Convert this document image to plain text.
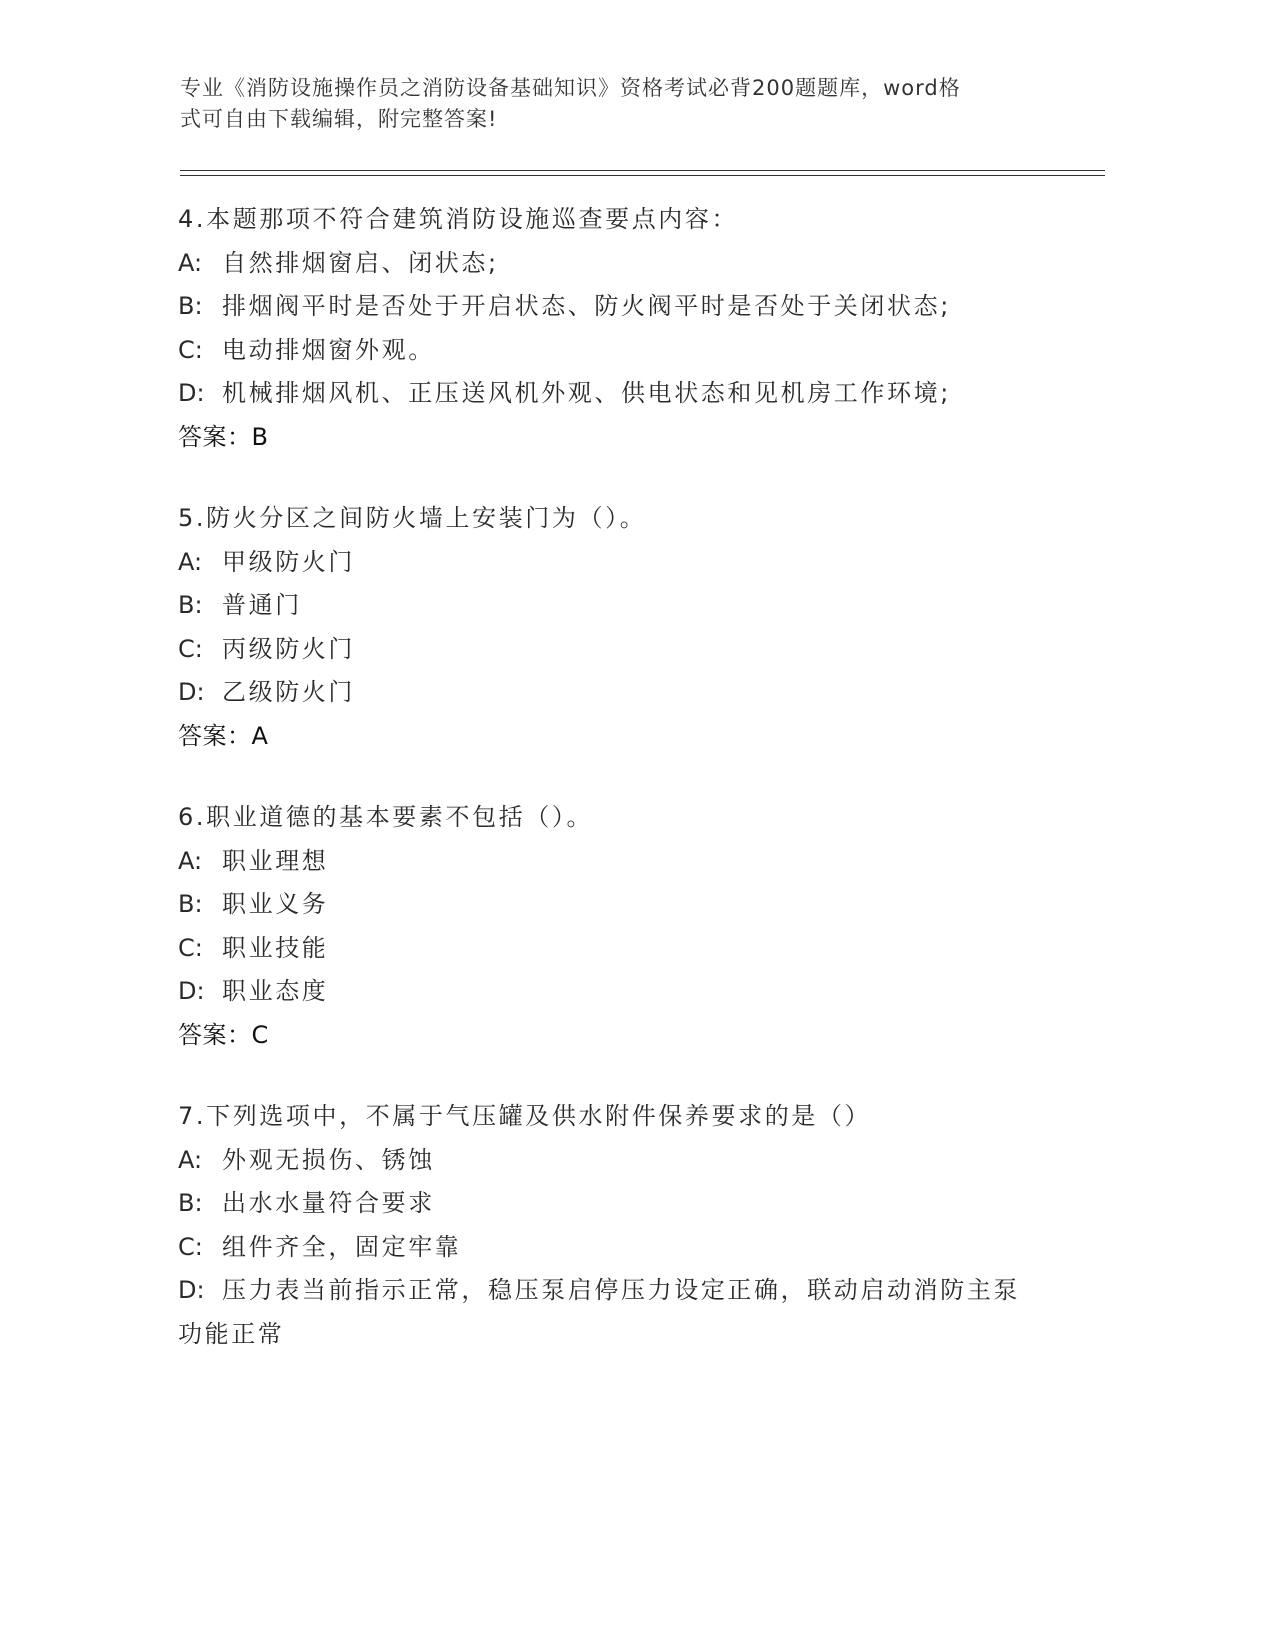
专业《消防设施操作员之消防设备基础知识》资格考试必背200题题库，word格
式可自由下载编辑，附完整答案!
4.本题那项不符合建筑消防设施巡查要点内容：
A: 自然排烟窗启、闭状态;
B: 排烟阀平时是否处于开启状态、防火阀平时是否处于关闭状态;
C: 电动排烟窗外观。
D: 机械排烟风机、正压送风机外观、供电状态和见机房工作环境;
答案：B
5.防火分区之间防火墙上安装门为（）。
A: 甲级防火门
B: 普通门
C: 丙级防火门
D: 乙级防火门
答案：A
6.职业道德的基本要素不包括（）。
A: 职业理想
B: 职业义务
C: 职业技能
D: 职业态度
答案：C
7.下列选项中，不属于气压罐及供水附件保养要求的是（）
A: 外观无损伤、锈蚀
B: 出水水量符合要求
C: 组件齐全，固定牢靠
D: 压力表当前指示正常，稳压泵启停压力设定正确，联动启动消防主泵功能正常
